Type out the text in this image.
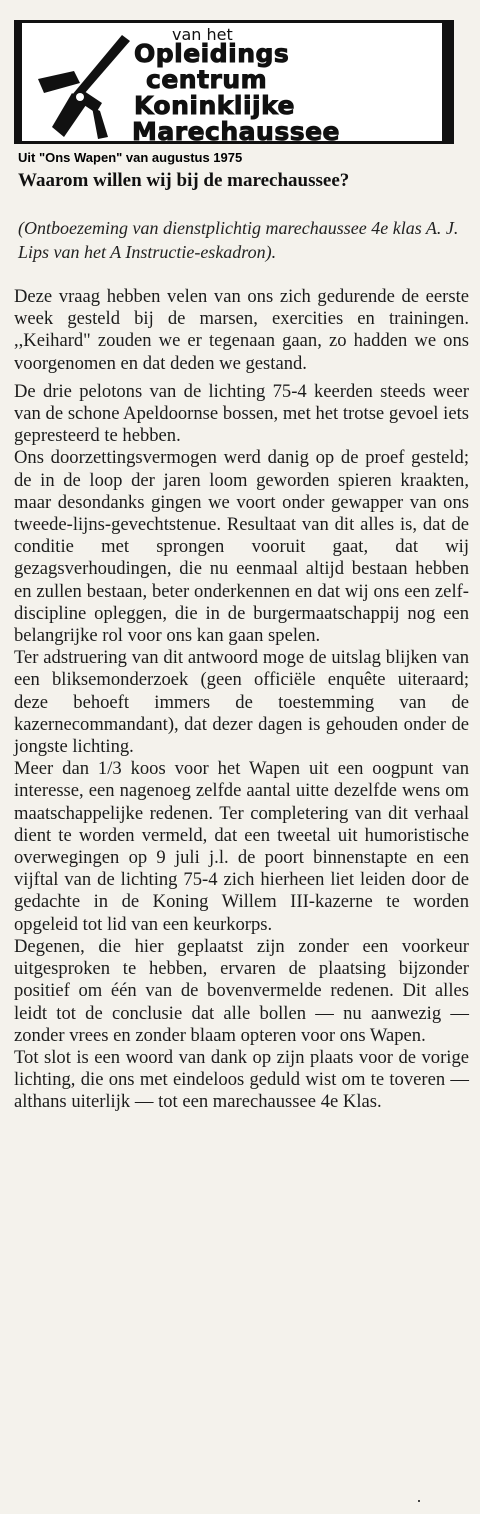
van het
Opleidings
centrum
Koninklijke
Marechaussee
Uit "Ons Wapen" van augustus 1975
Waarom willen wij bij de marechaussee?
(Ontboezeming van dienstplichtig marechaussee 4e klas A. J. Lips van het A Instructie-eskadron).

Deze vraag hebben velen van ons zich gedurende de eerste week gesteld bij de marsen, exercities en trainingen. ,,Keihard" zouden we er tegenaan gaan, zo hadden we ons voorgenomen en dat deden we gestand.

De drie pelotons van de lichting 75-4 keerden steeds weer van de schone Apeldoornse bossen, met het trotse gevoel iets gepresteerd te hebben.

Ons doorzettingsvermogen werd danig op de proef gesteld; de in de loop der jaren loom geworden spieren kraakten, maar desondanks gingen we voort onder gewapper van ons tweede-lijns-gevechtstenue. Resultaat van dit alles is, dat de conditie met sprongen vooruit gaat, dat wij gezagsverhoudingen, die nu eenmaal altijd bestaan hebben en zullen bestaan, beter onderkennen en dat wij ons een zelf-discipline opleggen, die in de burgermaatschappij nog een belangrijke rol voor ons kan gaan spelen.

Ter adstruering van dit antwoord moge de uitslag blijken van een bliksemonderzoek (geen officiële enquête uiteraard; deze behoeft immers de toestemming van de kazernecommandant), dat dezer dagen is gehouden onder de jongste lichting.

Meer dan 1/3 koos voor het Wapen uit een oogpunt van interesse, een nagenoeg zelfde aantal uitte dezelfde wens om maatschappelijke redenen. Ter completering van dit verhaal dient te worden vermeld, dat een tweetal uit humoristische overwegingen op 9 juli j.l. de poort binnenstapte en een vijftal van de lichting 75-4 zich hierheen liet leiden door de gedachte in de Koning Willem III-kazerne te worden opgeleid tot lid van een keurkorps.

Degenen, die hier geplaatst zijn zonder een voorkeur uitgesproken te hebben, ervaren de plaatsing bijzonder positief om één van de bovenvermelde redenen. Dit alles leidt tot de conclusie dat alle bollen — nu aanwezig — zonder vrees en zonder blaam opteren voor ons Wapen.

Tot slot is een woord van dank op zijn plaats voor de vorige lichting, die ons met eindeloos geduld wist om te toveren — althans uiterlijk — tot een marechaussee 4e Klas.
